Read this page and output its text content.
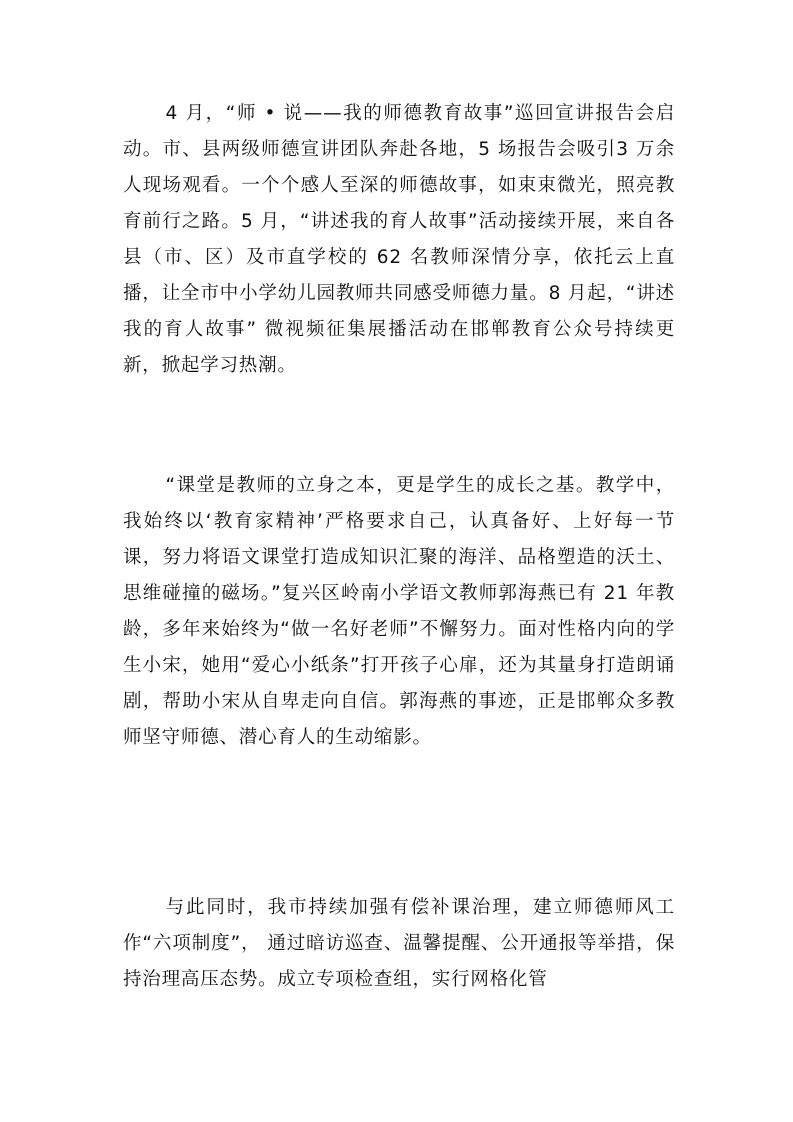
4 月，“师 • 说——我的师德教育故事”巡回宣讲报告会启动。市、县两级师德宣讲团队奔赴各地，5 场报告会吸引3 万余人现场观看。一个个感人至深的师德故事，如束束微光，照亮教育前行之路。5 月，“讲述我的育人故事”活动接续开展，来自各县（市、区）及市直学校的 62 名教师深情分享，依托云上直播，让全市中小学幼儿园教师共同感受师德力量。8 月起，“讲述我的育人故事” 微视频征集展播活动在邯郸教育公众号持续更新，掀起学习热潮。

“课堂是教师的立身之本，更是学生的成长之基。教学中，我始终以‘教育家精神’严格要求自己，认真备好、上好每一节课，努力将语文课堂打造成知识汇聚的海洋、品格塑造的沃土、思维碰撞的磁场。”复兴区岭南小学语文教师郭海燕已有 21 年教龄，多年来始终为“做一名好老师”不懈努力。面对性格内向的学生小宋，她用“爱心小纸条”打开孩子心扉，还为其量身打造朗诵剧，帮助小宋从自卑走向自信。郭海燕的事迹，正是邯郸众多教师坚守师德、潜心育人的生动缩影。

与此同时，我市持续加强有偿补课治理，建立师德师风工作“六项制度”， 通过暗访巡查、温馨提醒、公开通报等举措，保持治理高压态势。成立专项检查组，实行网格化管
